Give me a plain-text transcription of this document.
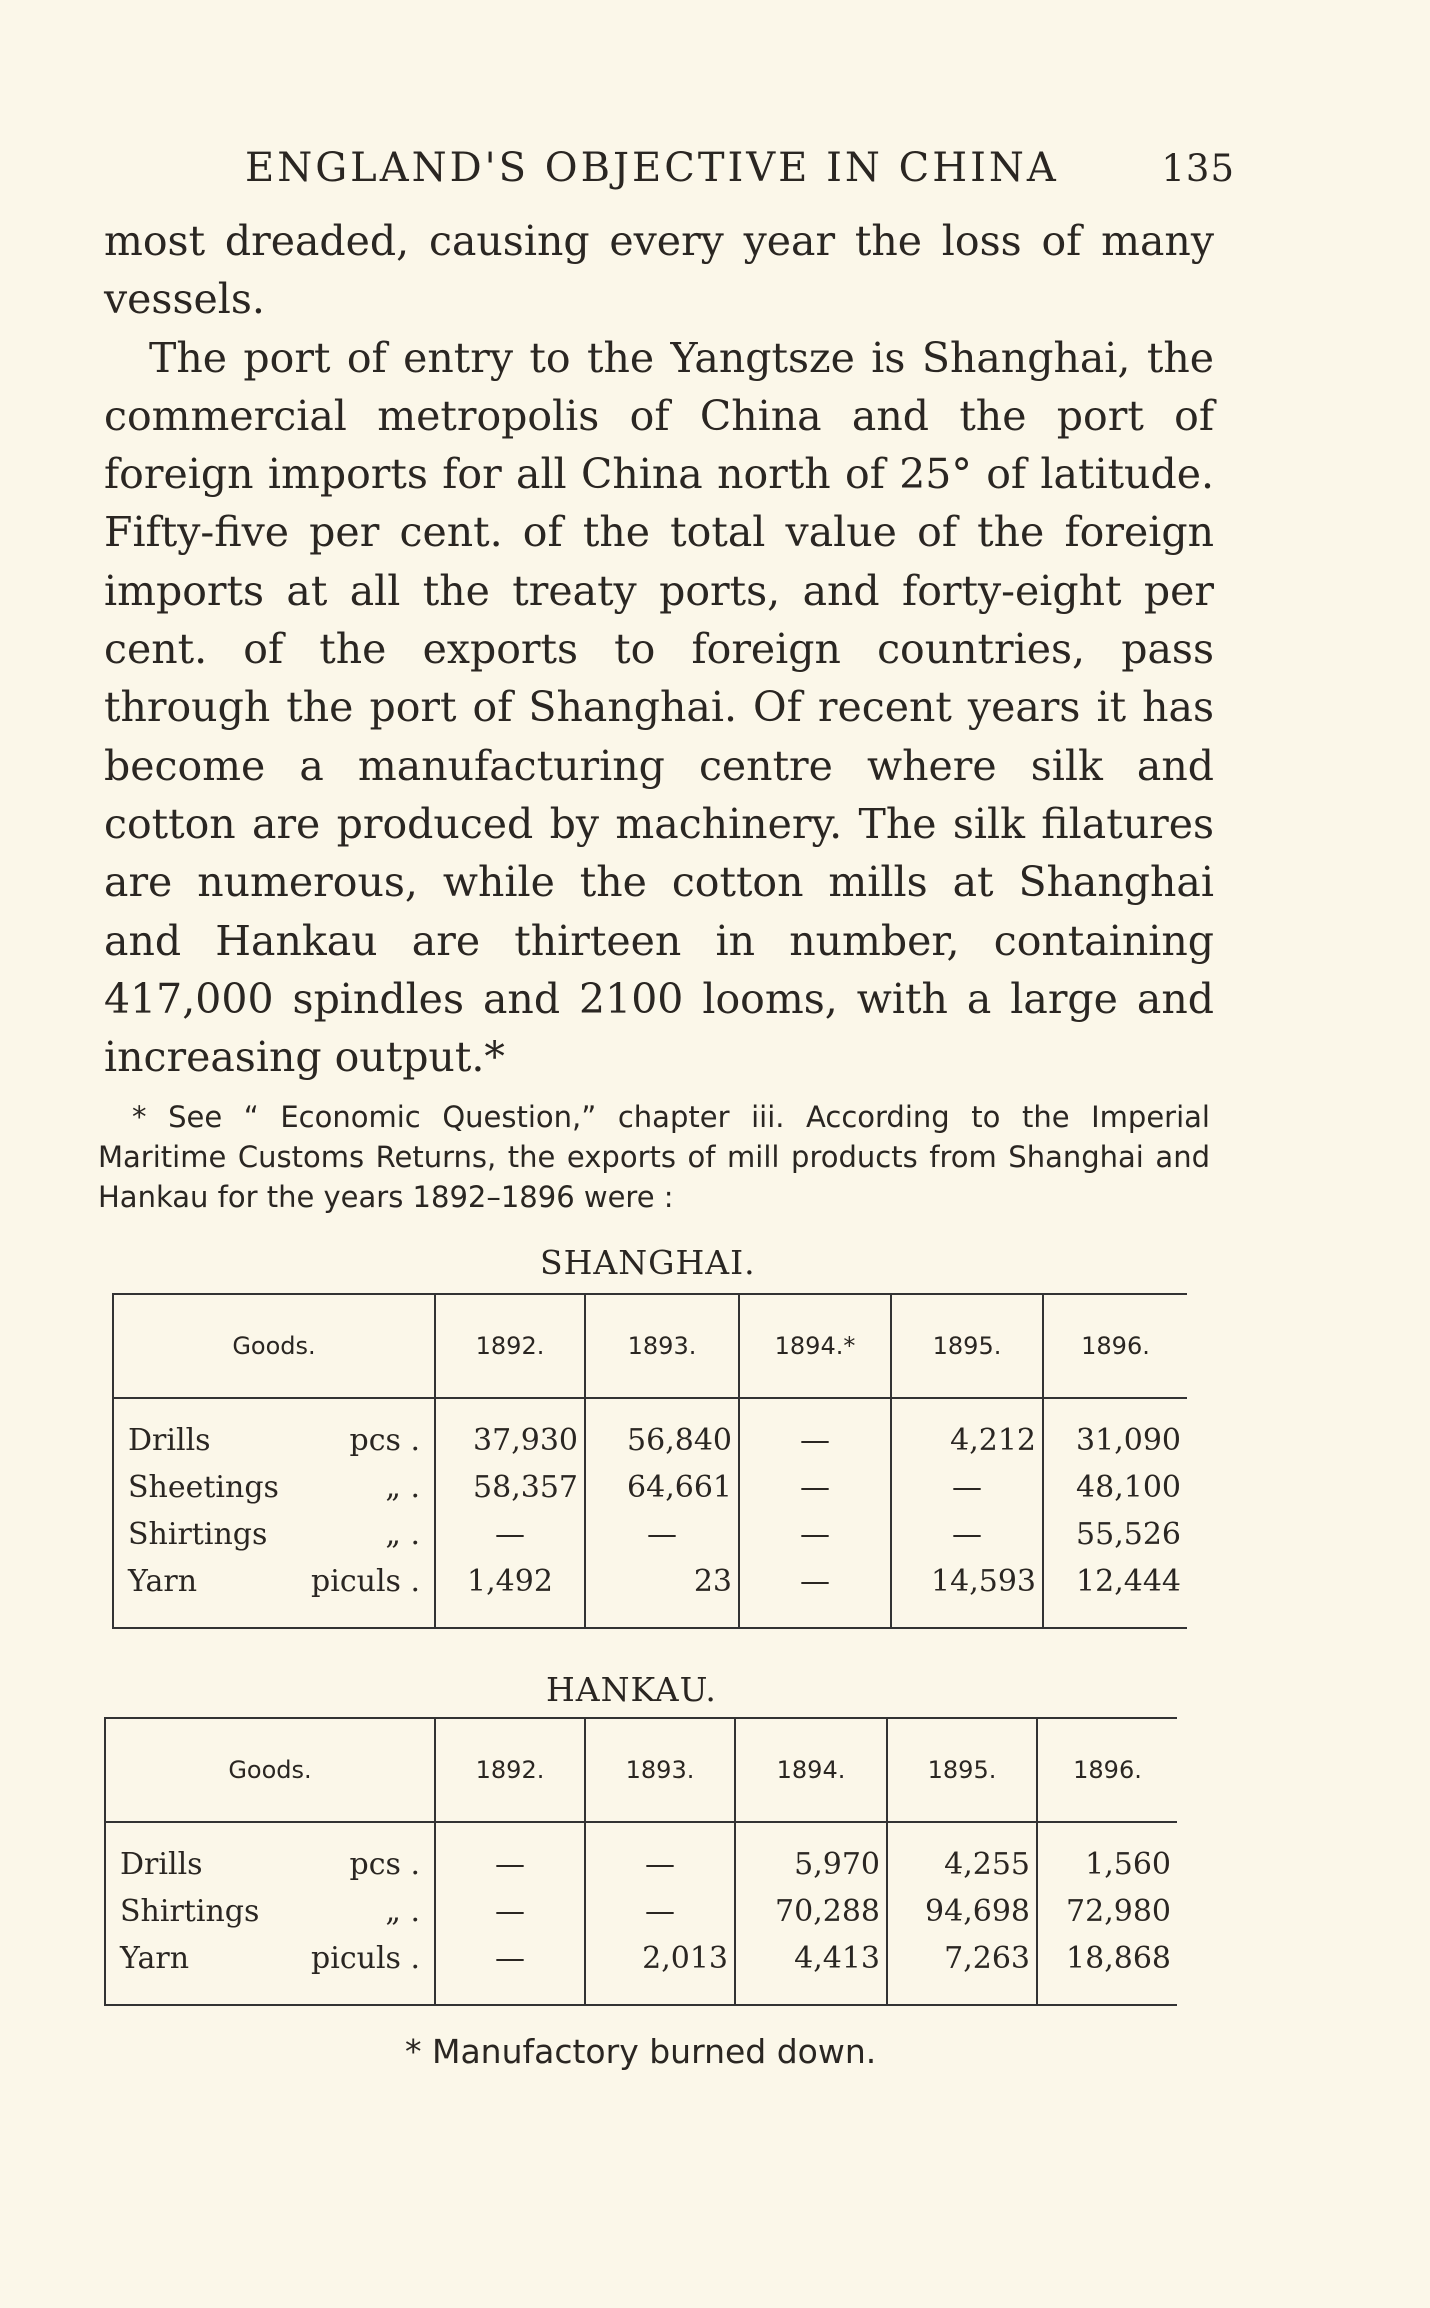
ENGLAND'S OBJECTIVE IN CHINA	135

most dreaded, causing every year the loss of many vessels.

The port of entry to the Yangtsze is Shanghai, the commercial metropolis of China and the port of foreign imports for all China north of 25° of latitude. Fifty-five per cent. of the total value of the foreign imports at all the treaty ports, and forty-eight per cent. of the exports to foreign countries, pass through the port of Shanghai. Of recent years it has become a manufacturing centre where silk and cotton are produced by machinery. The silk filatures are numerous, while the cotton mills at Shanghai and Hankau are thirteen in number, containing 417,000 spindles and 2100 looms, with a large and increasing output.*

* See “ Economic Question,” chapter iii. According to the Imperial Maritime Customs Returns, the exports of mill products from Shanghai and Hankau for the years 1892–1896 were :
SHANGHAI.
Goods.	1892.	1893.	1894.*	1895.	1896.
Drills pcs .	37,930	56,840	—	4,212	31,090
Sheetings „ .	58,357	64,661	—	—	48,100
Shirtings „ .	—	—	—	—	55,526
Yarn piculs .	1,492	23	—	14,593	12,444
HANKAU.
Goods.	1892.	1893.	1894.	1895.	1896.
Drills pcs .	—	—	5,970	4,255	1,560
Shirtings „ .	—	—	70,288	94,698	72,980
Yarn piculs .	—	2,013	4,413	7,263	18,868
* Manufactory burned down.
